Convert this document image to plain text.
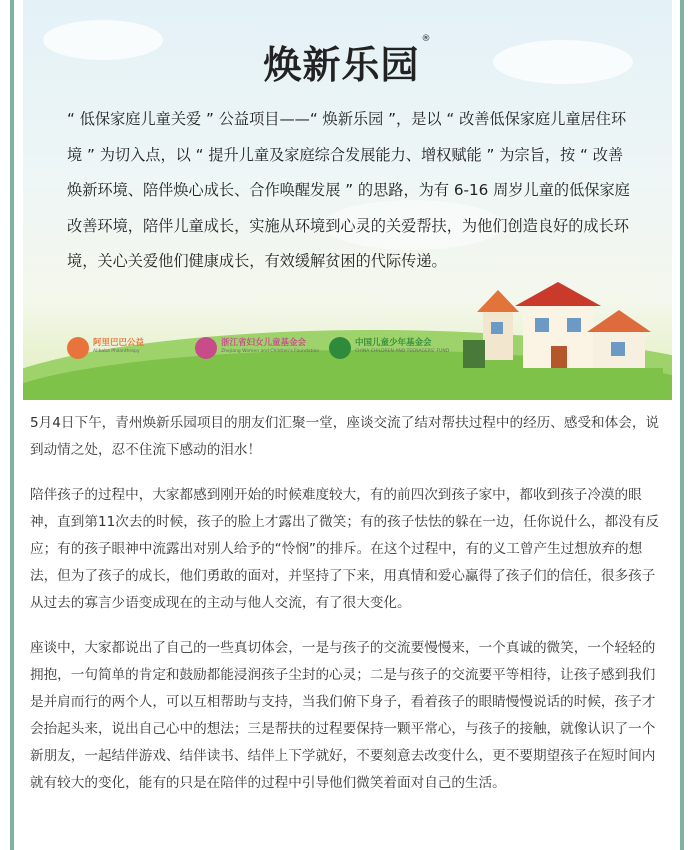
焕新乐园®

“ 低保家庭儿童关爱 ” 公益项目——“ 焕新乐园 ”，是以 “ 改善低保家庭儿童居住环境 ” 为切入点，以 “ 提升儿童及家庭综合发展能力、增权赋能 ” 为宗旨，按 “ 改善焕新环境、陪伴焕心成长、合作唤醒发展 ” 的思路，为有 6-16 周岁儿童的低保家庭改善环境，陪伴儿童成长，实施从环境到心灵的关爱帮扶，为他们创造良好的成长环境，关心关爱他们健康成长，有效缓解贫困的代际传递。

阿里巴巴公益
Alibaba Philanthropy
浙江省妇女儿童基金会
Zhejiang Women and Children's Foundation
中国儿童少年基金会
CHINA CHILDREN AND TEENAGERS' FUND

5月4日下午，青州焕新乐园项目的朋友们汇聚一堂，座谈交流了结对帮扶过程中的经历、感受和体会，说到动情之处，忍不住流下感动的泪水！

陪伴孩子的过程中，大家都感到刚开始的时候难度较大，有的前四次到孩子家中，都收到孩子冷漠的眼神，直到第11次去的时候，孩子的脸上才露出了微笑；有的孩子怯怯的躲在一边，任你说什么，都没有反应；有的孩子眼神中流露出对别人给予的“怜悯”的排斥。在这个过程中，有的义工曾产生过想放弃的想法，但为了孩子的成长，他们勇敢的面对，并坚持了下来，用真情和爱心赢得了孩子们的信任，很多孩子从过去的寡言少语变成现在的主动与他人交流，有了很大变化。

座谈中，大家都说出了自己的一些真切体会，一是与孩子的交流要慢慢来，一个真诚的微笑，一个轻轻的拥抱，一句简单的肯定和鼓励都能浸润孩子尘封的心灵；二是与孩子的交流要平等相待，让孩子感到我们是并肩而行的两个人，可以互相帮助与支持，当我们俯下身子，看着孩子的眼睛慢慢说话的时候，孩子才会抬起头来，说出自己心中的想法；三是帮扶的过程要保持一颗平常心，与孩子的接触，就像认识了一个新朋友，一起结伴游戏、结伴读书、结伴上下学就好，不要刻意去改变什么，更不要期望孩子在短时间内就有较大的变化，能有的只是在陪伴的过程中引导他们微笑着面对自己的生活。
